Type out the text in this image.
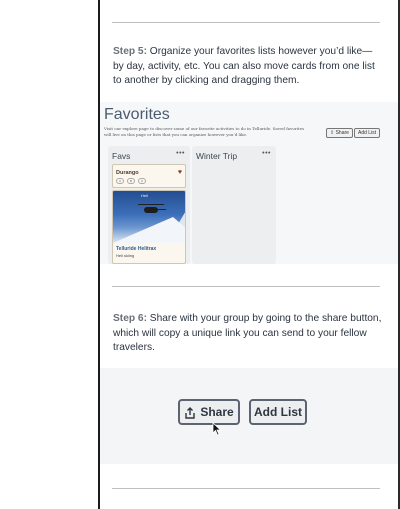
Step 5: Organize your favorites lists however you’d like—by day, activity, etc. You can also move cards from one list to another by clicking and dragging them.

Favorites
Visit our explore page to discover some of our favorite activities to do in Telluride. Saved favorites will live on this page or lists that you can organize however you’d like.	⇪ Share	Add List
Favs	••• Winter Trip	•••
Durango
A	B	C
♥
Heli
Telluride Helitrax
Heli skiing

Step 6: Share with your group by going to the share button, which will copy a unique link you can send to your fellow travelers.

Share	Add List
